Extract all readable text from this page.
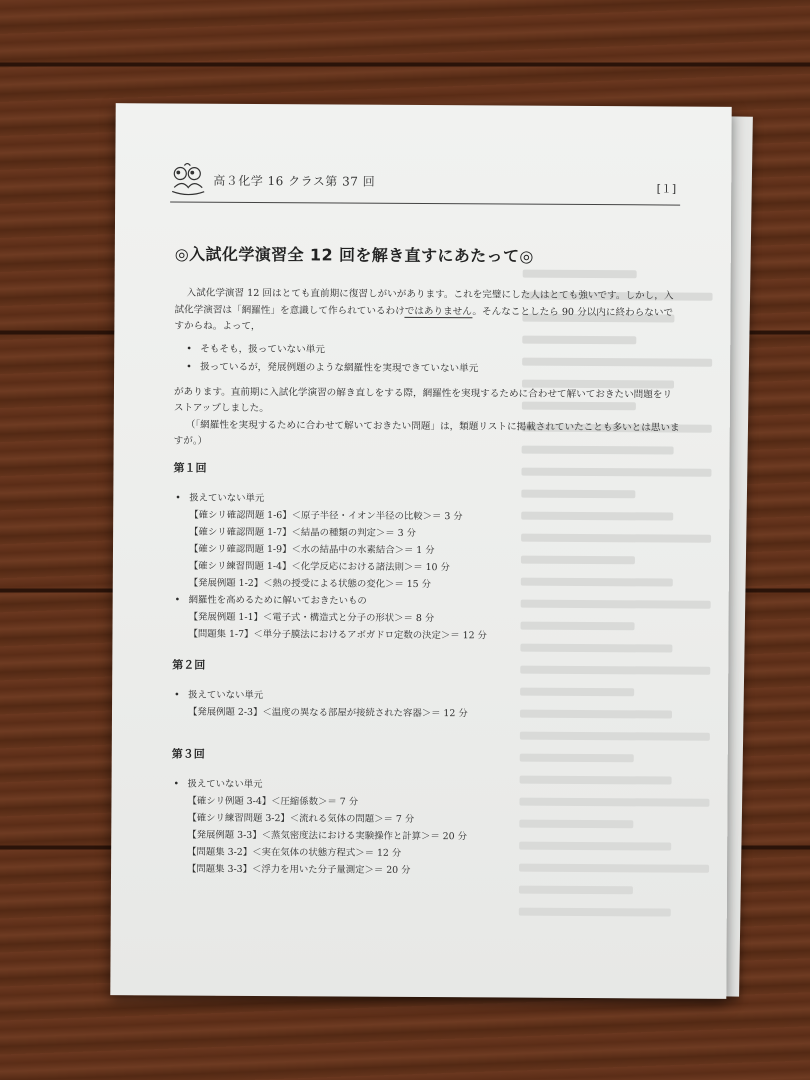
高３化学 16 クラス第 37 回
[１]
◎入試化学演習全 12 回を解き直すにあたって◎

入試化学演習 12 回はとても直前期に復習しがいがあります。これを完璧にした人はとても強いです。しかし，入試化学演習は「網羅性」を意識して作られているわけではありません。そんなことしたら 90 分以内に終わらないですからね。よって，

• そもそも，扱っていない単元
• 扱っているが，発展例題のような網羅性を実現できていない単元

があります。直前期に入試化学演習の解き直しをする際，網羅性を実現するために合わせて解いておきたい問題をリストアップしました。

（「網羅性を実現するために合わせて解いておきたい問題」は，類題リストに掲載されていたことも多いとは思いますが。）

第１回
• 扱えていない単元
【確シリ確認問題 1-6】＜原子半径・イオン半径の比較＞＝ 3 分
【確シリ確認問題 1-7】＜結晶の種類の判定＞＝ 3 分
【確シリ確認問題 1-9】＜水の結晶中の水素結合＞＝ 1 分
【確シリ練習問題 1-4】＜化学反応における諸法則＞＝ 10 分
【発展例題 1-2】＜熱の授受による状態の変化＞＝ 15 分
• 網羅性を高めるために解いておきたいもの
【発展例題 1-1】＜電子式・構造式と分子の形状＞＝ 8 分
【問題集 1-7】＜単分子膜法におけるアボガドロ定数の決定＞＝ 12 分
第２回
• 扱えていない単元
【発展例題 2-3】＜温度の異なる部屋が接続された容器＞＝ 12 分
第３回
• 扱えていない単元
【確シリ例題 3-4】＜圧縮係数＞＝ 7 分
【確シリ練習問題 3-2】＜流れる気体の問題＞＝ 7 分
【発展例題 3-3】＜蒸気密度法における実験操作と計算＞＝ 20 分
【問題集 3-2】＜実在気体の状態方程式＞＝ 12 分
【問題集 3-3】＜浮力を用いた分子量測定＞＝ 20 分
